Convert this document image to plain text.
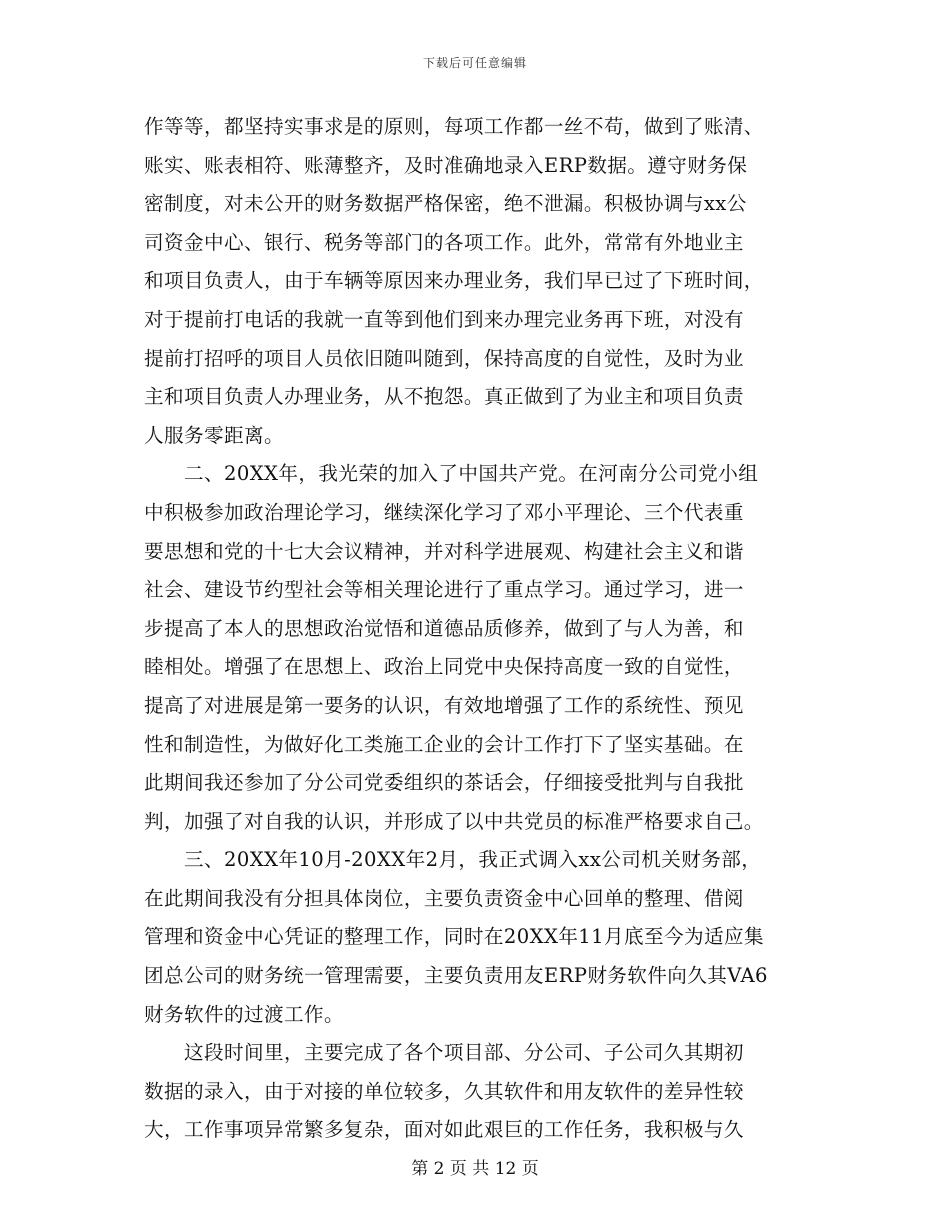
下载后可任意编辑
作等等，都坚持实事求是的原则，每项工作都一丝不苟，做到了账清、
账实、账表相符、账薄整齐，及时准确地录入ERP数据。遵守财务保
密制度，对未公开的财务数据严格保密，绝不泄漏。积极协调与xx公
司资金中心、银行、税务等部门的各项工作。此外，常常有外地业主
和项目负责人，由于车辆等原因来办理业务，我们早已过了下班时间，
对于提前打电话的我就一直等到他们到来办理完业务再下班，对没有
提前打招呼的项目人员依旧随叫随到，保持高度的自觉性，及时为业
主和项目负责人办理业务，从不抱怨。真正做到了为业主和项目负责
人服务零距离。
　　二、20XX年，我光荣的加入了中国共产党。在河南分公司党小组
中积极参加政治理论学习，继续深化学习了邓小平理论、三个代表重
要思想和党的十七大会议精神，并对科学进展观、构建社会主义和谐
社会、建设节约型社会等相关理论进行了重点学习。通过学习，进一
步提高了本人的思想政治觉悟和道德品质修养，做到了与人为善，和
睦相处。增强了在思想上、政治上同党中央保持高度一致的自觉性，
提高了对进展是第一要务的认识，有效地增强了工作的系统性、预见
性和制造性，为做好化工类施工企业的会计工作打下了坚实基础。在
此期间我还参加了分公司党委组织的茶话会，仔细接受批判与自我批
判，加强了对自我的认识，并形成了以中共党员的标准严格要求自己。
　　三、20XX年10月-20XX年2月，我正式调入xx公司机关财务部，
在此期间我没有分担具体岗位，主要负责资金中心回单的整理、借阅
管理和资金中心凭证的整理工作，同时在20XX年11月底至今为适应集
团总公司的财务统一管理需要，主要负责用友ERP财务软件向久其VA6
财务软件的过渡工作。
　　这段时间里，主要完成了各个项目部、分公司、子公司久其期初
数据的录入，由于对接的单位较多，久其软件和用友软件的差异性较
大，工作事项异常繁多复杂，面对如此艰巨的工作任务，我积极与久
第 2 页 共 12 页
